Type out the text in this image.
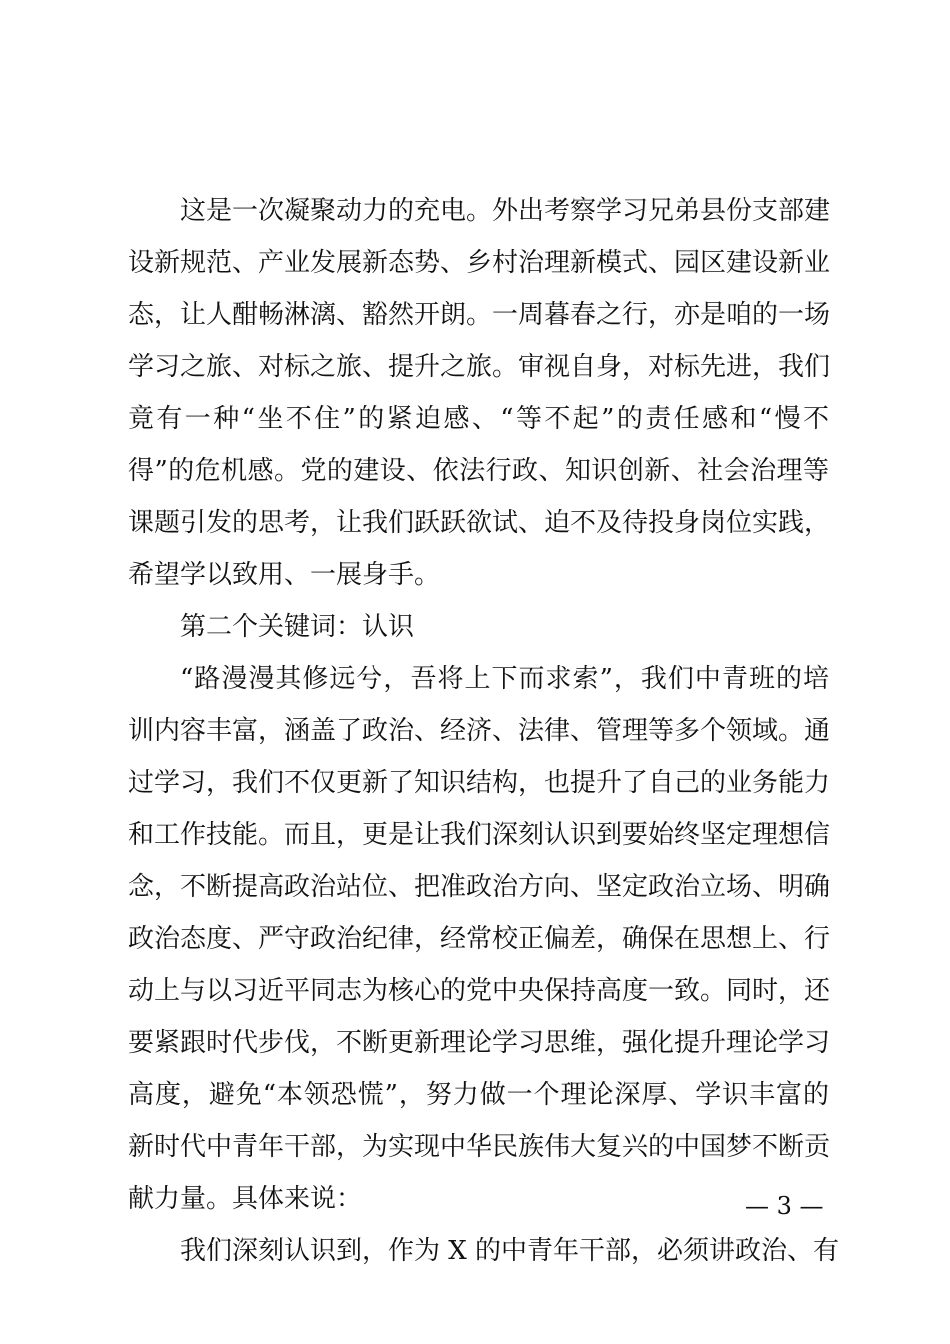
这是一次凝聚动力的充电。外出考察学习兄弟县份支部建
设新规范、产业发展新态势、乡村治理新模式、园区建设新业
态，让人酣畅淋漓、豁然开朗。一周暮春之行，亦是咱的一场
学习之旅、对标之旅、提升之旅。审视自身，对标先进，我们
竟有一种“坐不住”的紧迫感、“等不起”的责任感和“慢不
得”的危机感。党的建设、依法行政、知识创新、社会治理等
课题引发的思考，让我们跃跃欲试、迫不及待投身岗位实践，
希望学以致用、一展身手。
第二个关键词：认识
“路漫漫其修远兮，吾将上下而求索”，我们中青班的培
训内容丰富，涵盖了政治、经济、法律、管理等多个领域。通
过学习，我们不仅更新了知识结构，也提升了自己的业务能力
和工作技能。而且，更是让我们深刻认识到要始终坚定理想信
念，不断提高政治站位、把准政治方向、坚定政治立场、明确
政治态度、严守政治纪律，经常校正偏差，确保在思想上、行
动上与以习近平同志为核心的党中央保持高度一致。同时，还
要紧跟时代步伐，不断更新理论学习思维，强化提升理论学习
高度，避免“本领恐慌”，努力做一个理论深厚、学识丰富的
新时代中青年干部，为实现中华民族伟大复兴的中国梦不断贡
献力量。具体来说：
我们深刻认识到，作为 X 的中青年干部，必须讲政治、有
— 3 —
